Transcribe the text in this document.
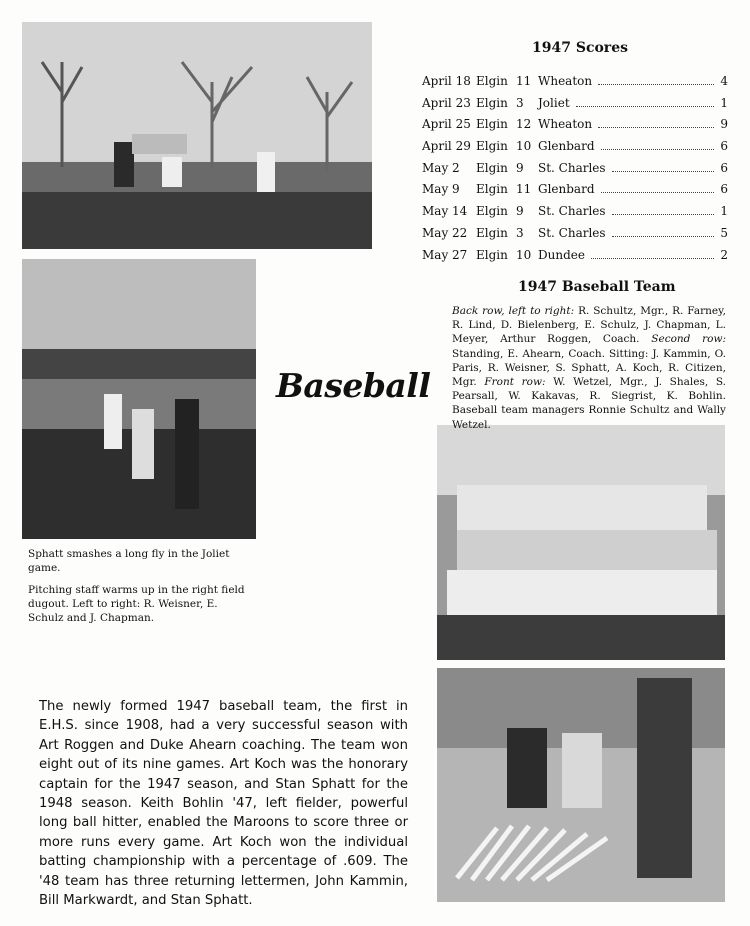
Sphatt smashes a long fly in the Joliet game.
Pitching staff warms up in the right field dugout. Left to right: R. Weisner, E. Schulz and J. Chapman.
Baseball
1947 Scores
April 18 Elgin 11 Wheaton	4
April 23 Elgin 3	Joliet	1
April 25 Elgin 12 Wheaton	9
April 29 Elgin 10 Glenbard	6
May 2	Elgin 9	St. Charles	6
May 9	Elgin 11 Glenbard	6
May 14 Elgin 9	St. Charles	1
May 22 Elgin 3	St. Charles	5
May 27 Elgin 10 Dundee	2
1947 Baseball Team
Back row, left to right: R. Schultz, Mgr., R. Farney, R. Lind, D. Bielenberg, E. Schulz, J. Chapman, L. Meyer, Arthur Roggen, Coach. Second row: Standing, E. Ahearn, Coach. Sitting: J. Kammin, O. Paris, R. Weisner, S. Sphatt, A. Koch, R. Citizen, Mgr. Front row: W. Wetzel, Mgr., J. Shales, S. Pearsall, W. Kakavas, R. Siegrist, K. Bohlin. Baseball team managers Ronnie Schultz and Wally Wetzel.
The newly formed 1947 baseball team, the first in E.H.S. since 1908, had a very successful season with Art Roggen and Duke Ahearn coaching. The team won eight out of its nine games. Art Koch was the honorary captain for the 1947 season, and Stan Sphatt for the 1948 season. Keith Bohlin '47, left fielder, powerful long ball hitter, enabled the Maroons to score three or more runs every game. Art Koch won the individual batting championship with a percentage of .609. The '48 team has three returning lettermen, John Kammin, Bill Markwardt, and Stan Sphatt.
